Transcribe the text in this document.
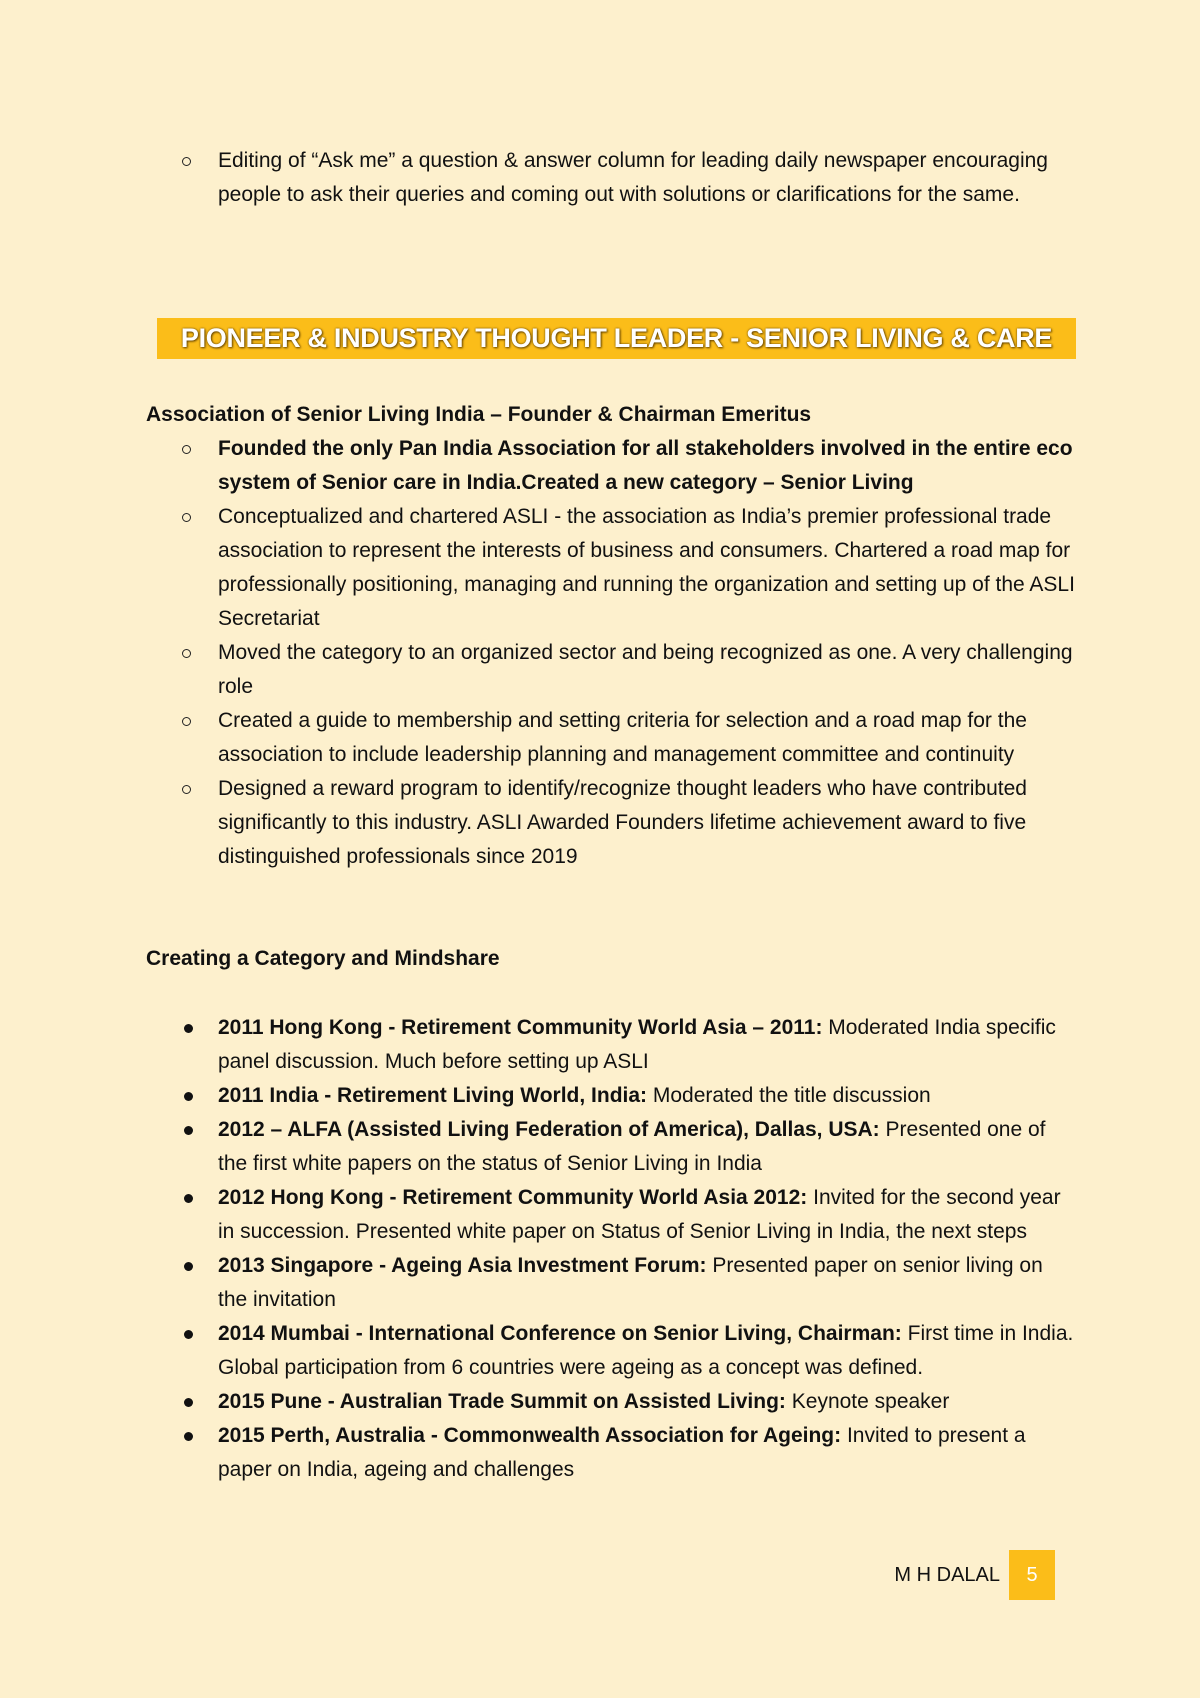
Editing of “Ask me” a question & answer column for leading daily newspaper encouraging people to ask their queries and coming out with solutions or clarifications for the same.
PIONEER & INDUSTRY THOUGHT LEADER - SENIOR LIVING & CARE
Association of Senior Living India – Founder & Chairman Emeritus
Founded the only Pan India Association for all stakeholders involved in the entire eco system of Senior care in India.Created a new category – Senior Living
Conceptualized and chartered ASLI - the association as India’s premier professional trade association to represent the interests of business and consumers. Chartered a road map for professionally positioning, managing and running the organization and setting up of the ASLI Secretariat
Moved the category to an organized sector and being recognized as one. A very challenging role
Created a guide to membership and setting criteria for selection and a road map for the association to include leadership planning and management committee and continuity
Designed a reward program to identify/recognize thought leaders who have contributed significantly to this industry. ASLI Awarded Founders lifetime achievement award to five distinguished professionals since 2019
Creating a Category and Mindshare
2011 Hong Kong - Retirement Community World Asia – 2011: Moderated India specific panel discussion. Much before setting up ASLI
2011 India - Retirement Living World, India: Moderated the title discussion
2012 – ALFA (Assisted Living Federation of America), Dallas, USA: Presented one of the first white papers on the status of Senior Living in India
2012 Hong Kong - Retirement Community World Asia 2012: Invited for the second year in succession. Presented white paper on Status of Senior Living in India, the next steps
2013 Singapore - Ageing Asia Investment Forum: Presented paper on senior living on the invitation
2014 Mumbai - International Conference on Senior Living, Chairman: First time in India. Global participation from 6 countries were ageing as a concept was defined.
2015 Pune - Australian Trade Summit on Assisted Living: Keynote speaker
2015 Perth, Australia - Commonwealth Association for Ageing: Invited to present a paper on India, ageing and challenges
M H DALAL	5
